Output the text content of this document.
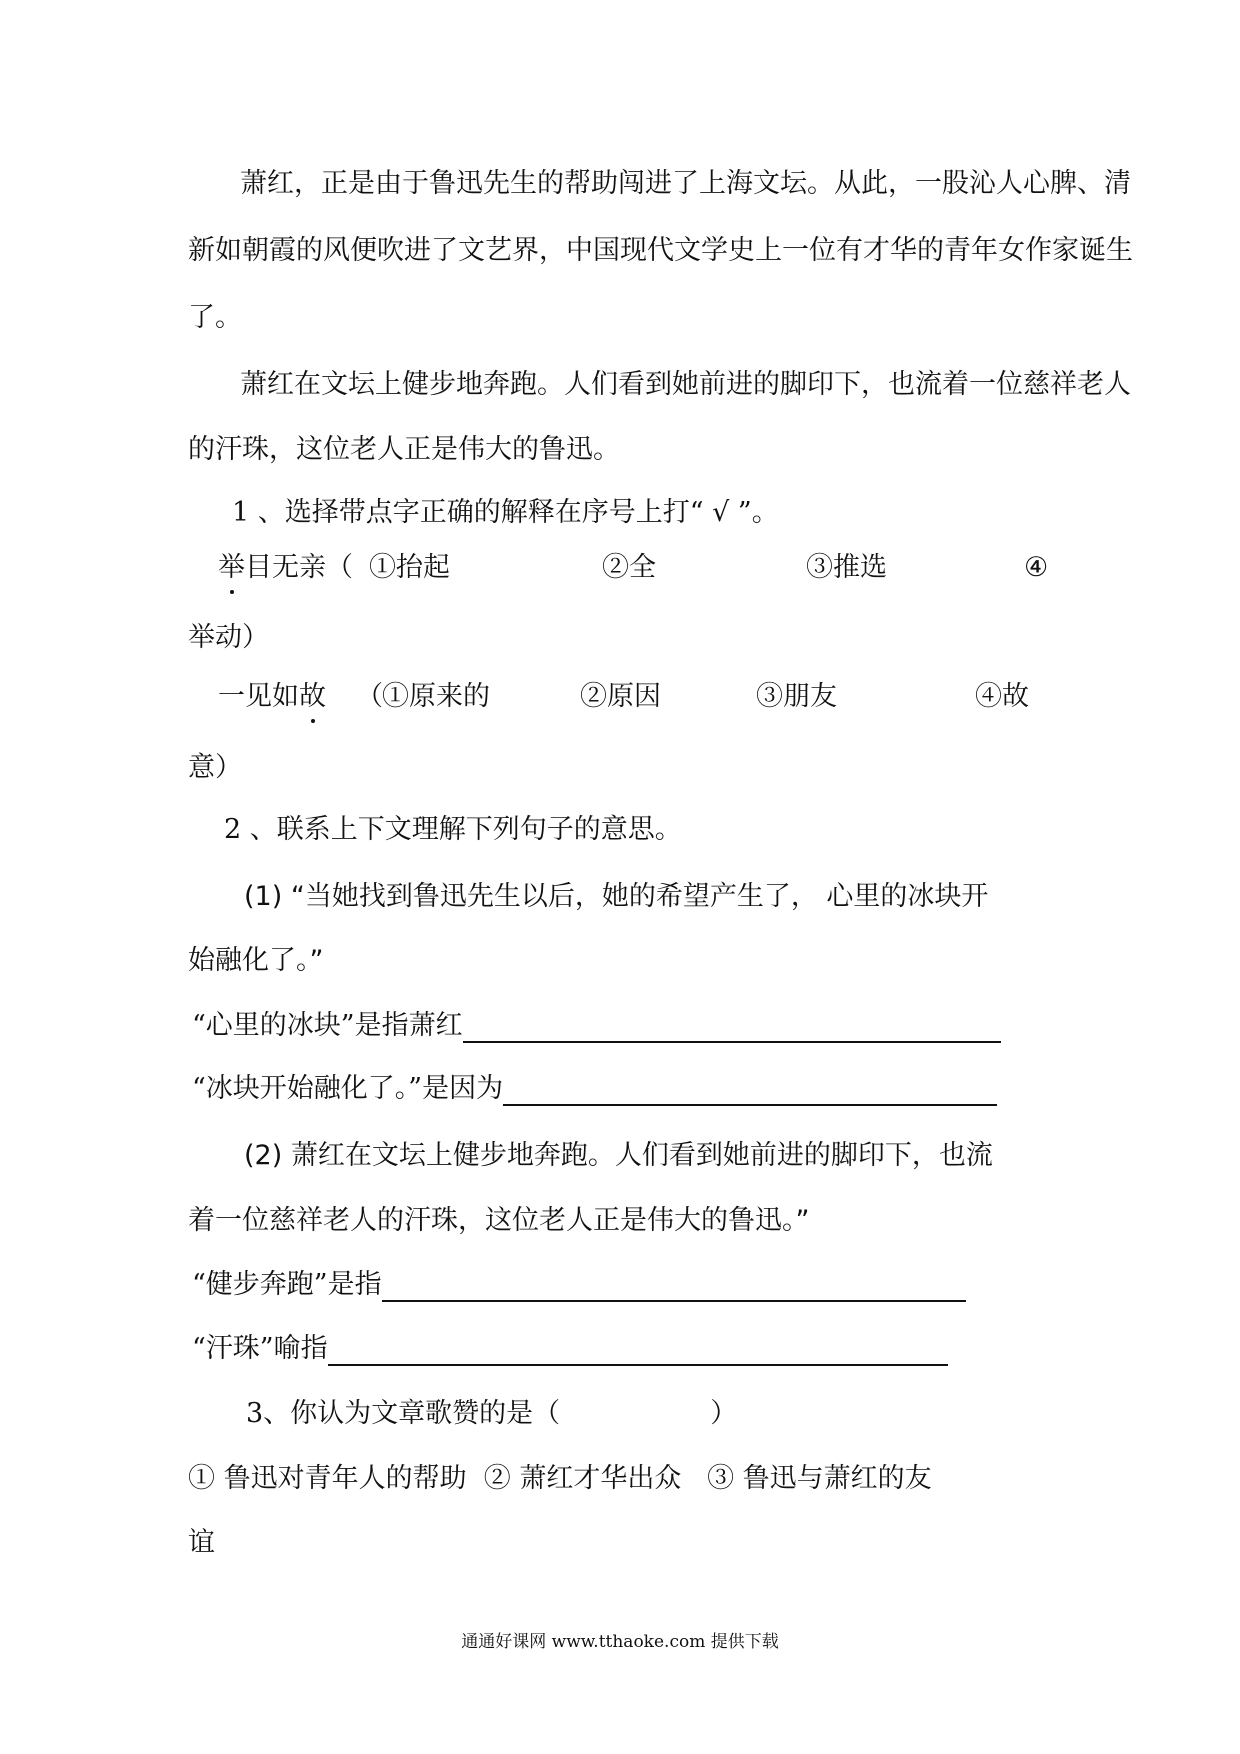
萧红，正是由于鲁迅先生的帮助闯进了上海文坛。从此，一股沁人心脾、清
新如朝霞的风便吹进了文艺界，中国现代文学史上一位有才华的青年女作家诞生
了。
萧红在文坛上健步地奔跑。人们看到她前进的脚印下，也流着一位慈祥老人
的汗珠，这位老人正是伟大的鲁迅。
1 、选择带点字正确的解释在序号上打“ √ ”。
举目无亲（ ①抬起	②全	③推选	④
举动）
一见如故 （ ①原来的	②原因	③朋友	④故
意）
2 、联系上下文理解下列句子的意思。
(1) “当她找到鲁迅先生以后，她的希望产生了， 心里的冰块开
始融化了。”
“心里的冰块”是指萧红
“冰块开始融化了。”是因为
(2) 萧红在文坛上健步地奔跑。人们看到她前进的脚印下，也流
着一位慈祥老人的汗珠，这位老人正是伟大的鲁迅。”
“健步奔跑”是指
“汗珠”喻指
3、你认为文章歌赞的是（	）
① 鲁迅对青年人的帮助  ② 萧红才华出众   ③ 鲁迅与萧红的友
谊
通通好课网 www.tthaoke.com 提供下载
